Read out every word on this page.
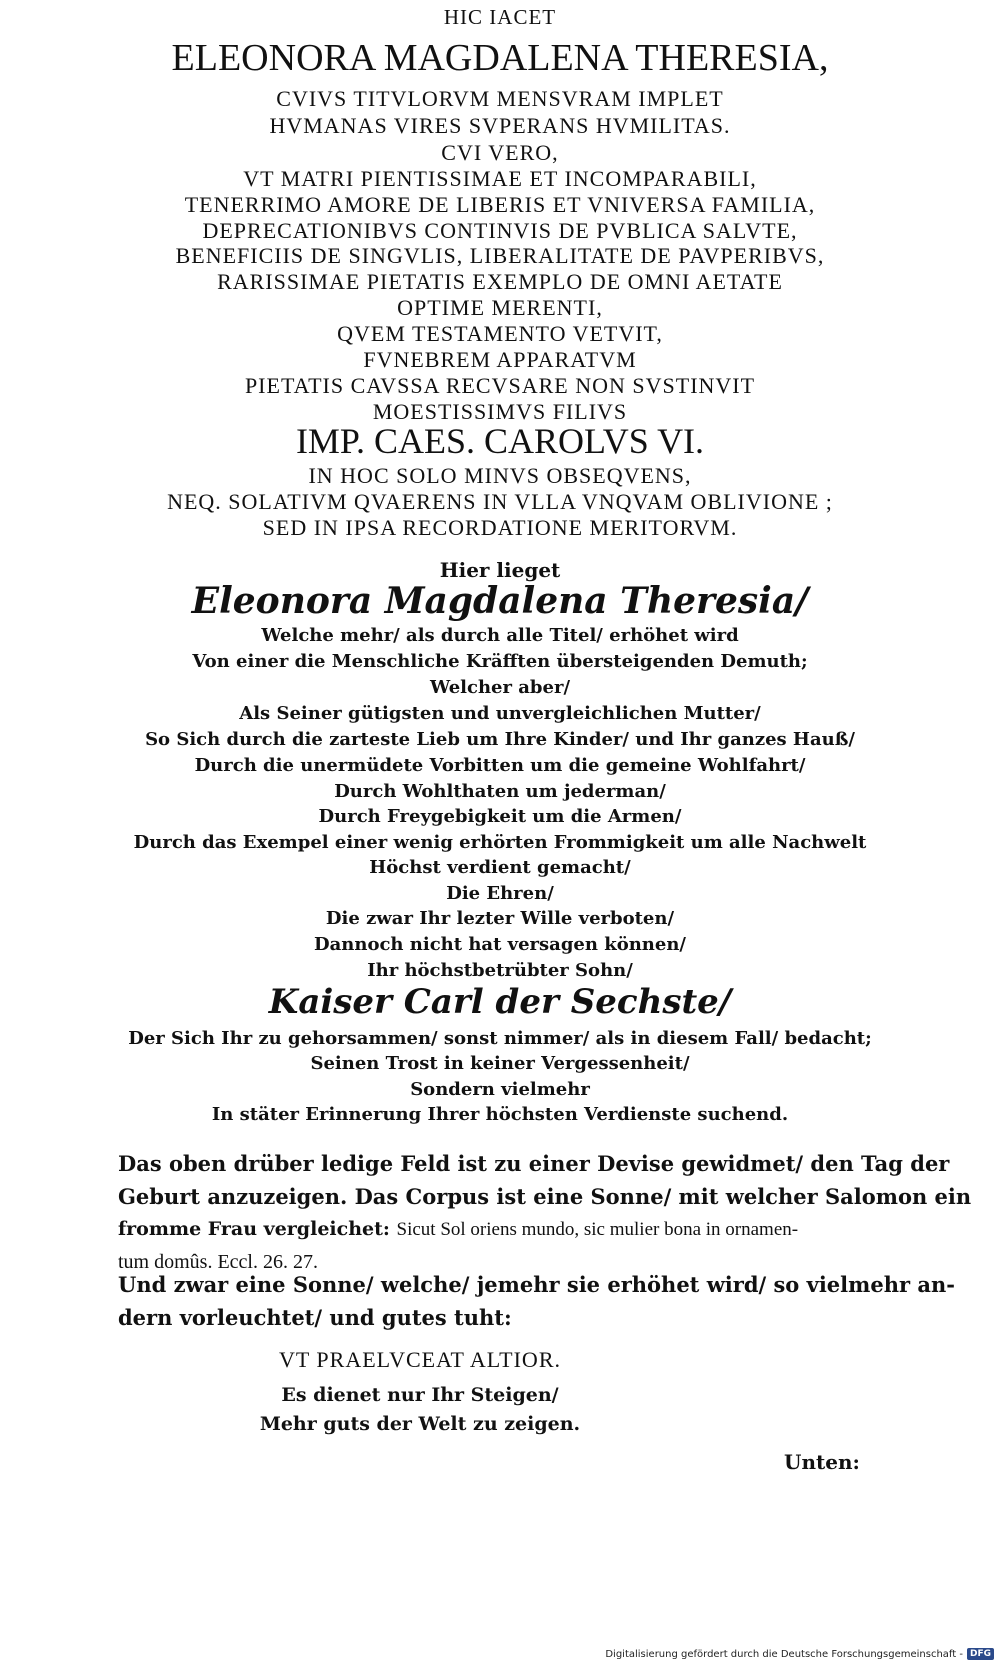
HIC IACET
ELEONORA MAGDALENA THERESIA,
CVIVS TITVLORVM MENSVRAM IMPLET
HVMANAS VIRES SVPERANS HVMILITAS.
CVI VERO,
VT MATRI PIENTISSIMAE ET INCOMPARABILI,
TENERRIMO AMORE DE LIBERIS ET VNIVERSA FAMILIA,
DEPRECATIONIBVS CONTINVIS DE PVBLICA SALVTE,
BENEFICIIS DE SINGVLIS, LIBERALITATE DE PAVPERIBVS,
RARISSIMAE PIETATIS EXEMPLO DE OMNI AETATE
OPTIME MERENTI,
QVEM TESTAMENTO VETVIT,
FVNEBREM APPARATVM
PIETATIS CAVSSA RECVSARE NON SVSTINVIT
MOESTISSIMVS FILIVS
IMP. CAES. CAROLVS VI.
IN HOC SOLO MINVS OBSEQVENS,
NEQ. SOLATIVM QVAERENS IN VLLA VNQVAM OBLIVIONE ;
SED IN IPSA RECORDATIONE MERITORVM.
Hier lieget
Eleonora Magdalena Theresia/
Welche mehr/ als durch alle Titel/ erhöhet wird
Von einer die Menschliche Kräfften übersteigenden Demuth;
Welcher aber/
Als Seiner gütigsten und unvergleichlichen Mutter/
So Sich durch die zarteste Lieb um Ihre Kinder/ und Ihr ganzes Hauß/
Durch die unermüdete Vorbitten um die gemeine Wohlfahrt/
Durch Wohlthaten um jederman/
Durch Freygebigkeit um die Armen/
Durch das Exempel einer wenig erhörten Frommigkeit um alle Nachwelt
Höchst verdient gemacht/
Die Ehren/
Die zwar Ihr lezter Wille verboten/
Dannoch nicht hat versagen können/
Ihr höchstbetrübter Sohn/
Kaiser Carl der Sechste/
Der Sich Ihr zu gehorsammen/ sonst nimmer/ als in diesem Fall/ bedacht;
Seinen Trost in keiner Vergessenheit/
Sondern vielmehr
In stäter Erinnerung Ihrer höchsten Verdienste suchend.
Das oben drüber ledige Feld ist zu einer Devise gewidmet/ den Tag der
Geburt anzuzeigen. Das Corpus ist eine Sonne/ mit welcher Salomon ein
fromme Frau vergleichet: Sicut Sol oriens mundo, sic mulier bona in ornamen-
tum domûs. Eccl. 26. 27.
Und zwar eine Sonne/ welche/ jemehr sie erhöhet wird/ so vielmehr an-
dern vorleuchtet/ und gutes tuht:
VT PRAELVCEAT ALTIOR.
Es dienet nur Ihr Steigen/
Mehr guts der Welt zu zeigen.
Unten:
Digitalisierung gefördert durch die Deutsche Forschungsgemeinschaft - DFG
